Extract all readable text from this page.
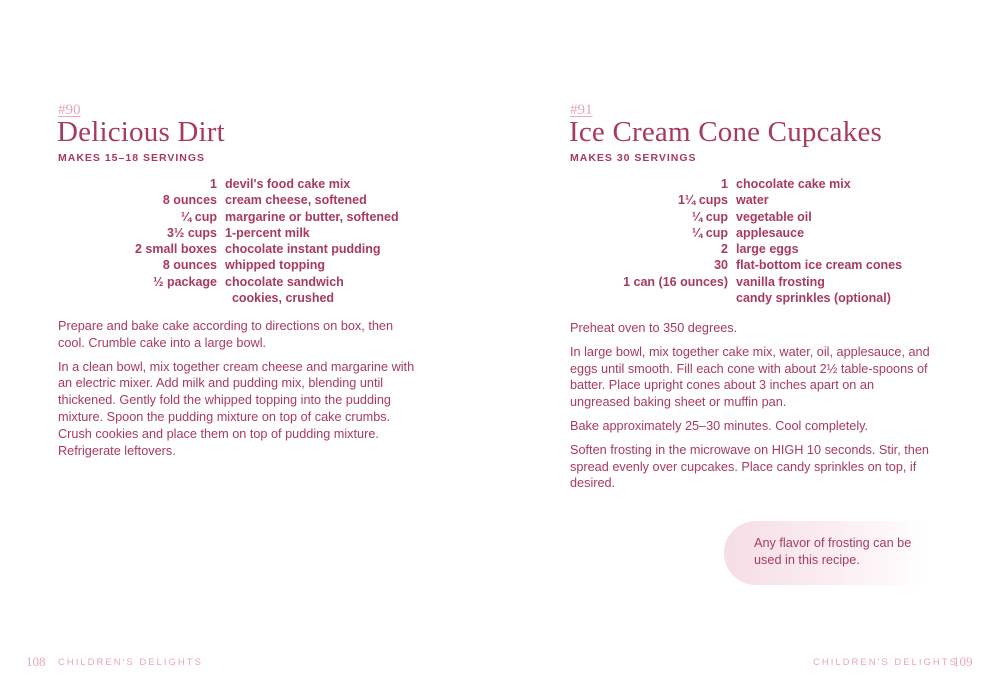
#90
Delicious Dirt
MAKES 15–18 SERVINGS
1 devil's food cake mix
8 ounces cream cheese, softened
¼ cup margarine or butter, softened
3½ cups 1-percent milk
2 small boxes chocolate instant pudding
8 ounces whipped topping
½ package chocolate sandwich
cookies, crushed

Prepare and bake cake according to directions on box, then cool. Crumble cake into a large bowl.

In a clean bowl, mix together cream cheese and margarine with an electric mixer. Add milk and pudding mix, blending until thickened. Gently fold the whipped topping into the pudding mixture. Spoon the pudding mixture on top of cake crumbs. Crush cookies and place them on top of pudding mixture. Refrigerate leftovers.

108 CHILDREN'S DELIGHTS
#91
Ice Cream Cone Cupcakes
MAKES 30 SERVINGS
1 chocolate cake mix
1¼ cups water
¼ cup vegetable oil
¼ cup applesauce
2 large eggs
30 flat-bottom ice cream cones
1 can (16 ounces) vanilla frosting
candy sprinkles (optional)

Preheat oven to 350 degrees.

In large bowl, mix together cake mix, water, oil, applesauce, and eggs until smooth. Fill each cone with about 2½ table-spoons of batter. Place upright cones about 3 inches apart on an ungreased baking sheet or muffin pan.

Bake approximately 25–30 minutes. Cool completely.

Soften frosting in the microwave on HIGH 10 seconds. Stir, then spread evenly over cupcakes. Place candy sprinkles on top, if desired.

Any flavor of frosting can be used in this recipe.
CHILDREN'S DELIGHTS
109
